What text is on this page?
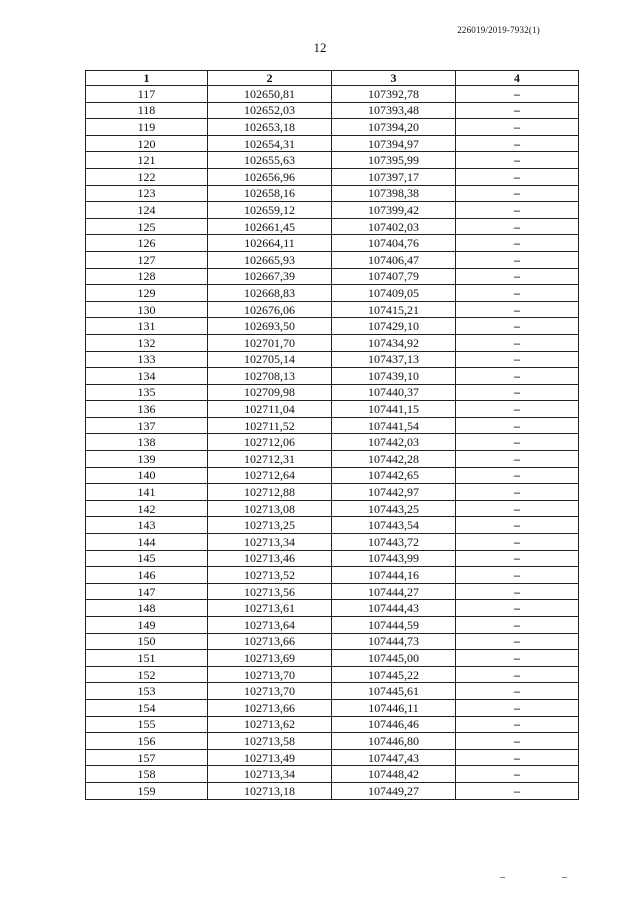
226019/2019-7932(1)
12
1	2	3	4
117	102650,81	107392,78	–
118	102652,03	107393,48	–
119	102653,18	107394,20	–
120	102654,31	107394,97	–
121	102655,63	107395,99	–
122	102656,96	107397,17	–
123	102658,16	107398,38	–
124	102659,12	107399,42	–
125	102661,45	107402,03	–
126	102664,11	107404,76	–
127	102665,93	107406,47	–
128	102667,39	107407,79	–
129	102668,83	107409,05	–
130	102676,06	107415,21	–
131	102693,50	107429,10	–
132	102701,70	107434,92	–
133	102705,14	107437,13	–
134	102708,13	107439,10	–
135	102709,98	107440,37	–
136	102711,04	107441,15	–
137	102711,52	107441,54	–
138	102712,06	107442,03	–
139	102712,31	107442,28	–
140	102712,64	107442,65	–
141	102712,88	107442,97	–
142	102713,08	107443,25	–
143	102713,25	107443,54	–
144	102713,34	107443,72	–
145	102713,46	107443,99	–
146	102713,52	107444,16	–
147	102713,56	107444,27	–
148	102713,61	107444,43	–
149	102713,64	107444,59	–
150	102713,66	107444,73	–
151	102713,69	107445,00	–
152	102713,70	107445,22	–
153	102713,70	107445,61	–
154	102713,66	107446,11	–
155	102713,62	107446,46	–
156	102713,58	107446,80	–
157	102713,49	107447,43	–
158	102713,34	107448,42	–
159	102713,18	107449,27	–
–	–
